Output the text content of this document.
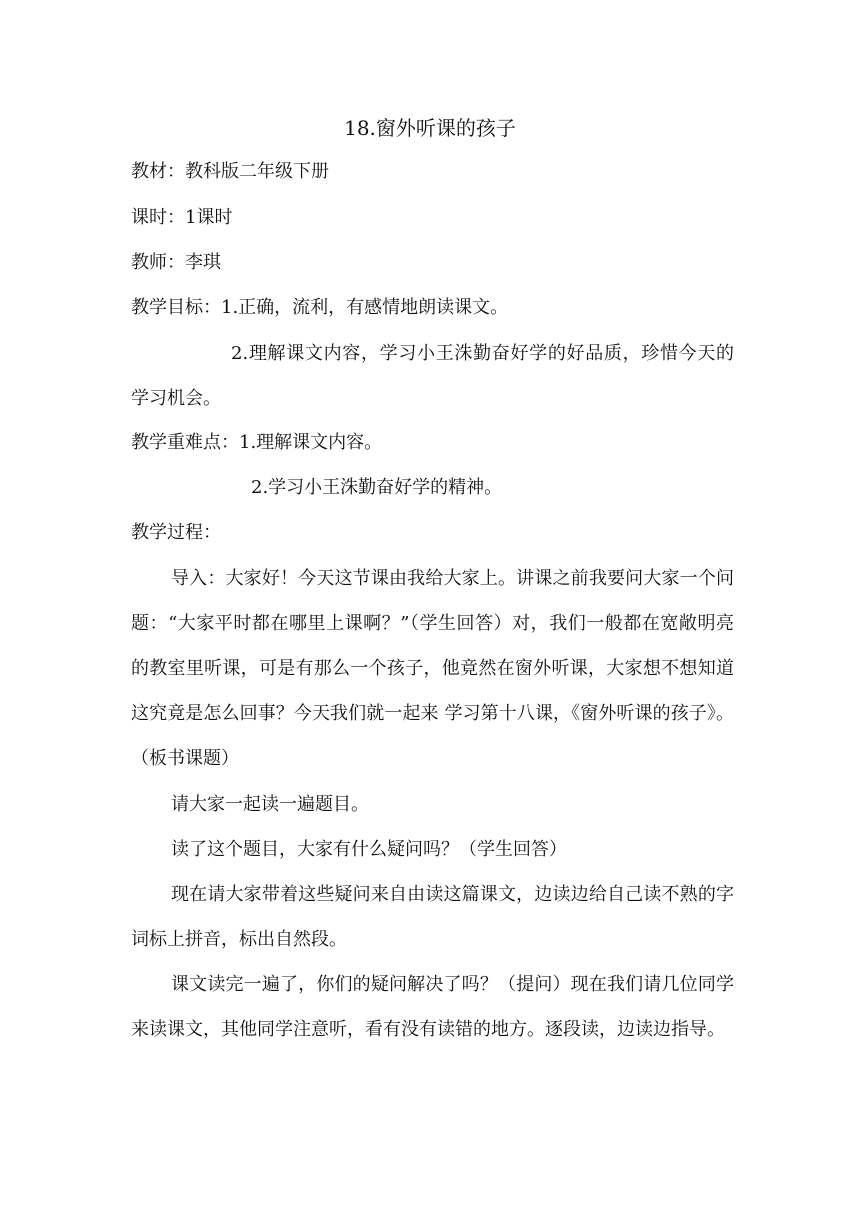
18.窗外听课的孩子
教材：教科版二年级下册
课时：1课时
教师：李琪
教学目标：1.正确，流利，有感情地朗读课文。
2.理解课文内容，学习小王洙勤奋好学的好品质，珍惜今天的学习机会。
教学重难点：1.理解课文内容。
2.学习小王洙勤奋好学的精神。
教学过程：
导入：大家好！今天这节课由我给大家上。讲课之前我要问大家一个问题：“大家平时都在哪里上课啊？”（学生回答）对，我们一般都在宽敞明亮的教室里听课，可是有那么一个孩子，他竟然在窗外听课，大家想不想知道这究竟是怎么回事？今天我们就一起来 学习第十八课，《窗外听课的孩子》。（板书课题）
请大家一起读一遍题目。
读了这个题目，大家有什么疑问吗？（学生回答）
现在请大家带着这些疑问来自由读这篇课文，边读边给自己读不熟的字词标上拼音，标出自然段。
课文读完一遍了，你们的疑问解决了吗？（提问）现在我们请几位同学来读课文，其他同学注意听，看有没有读错的地方。逐段读，边读边指导。
